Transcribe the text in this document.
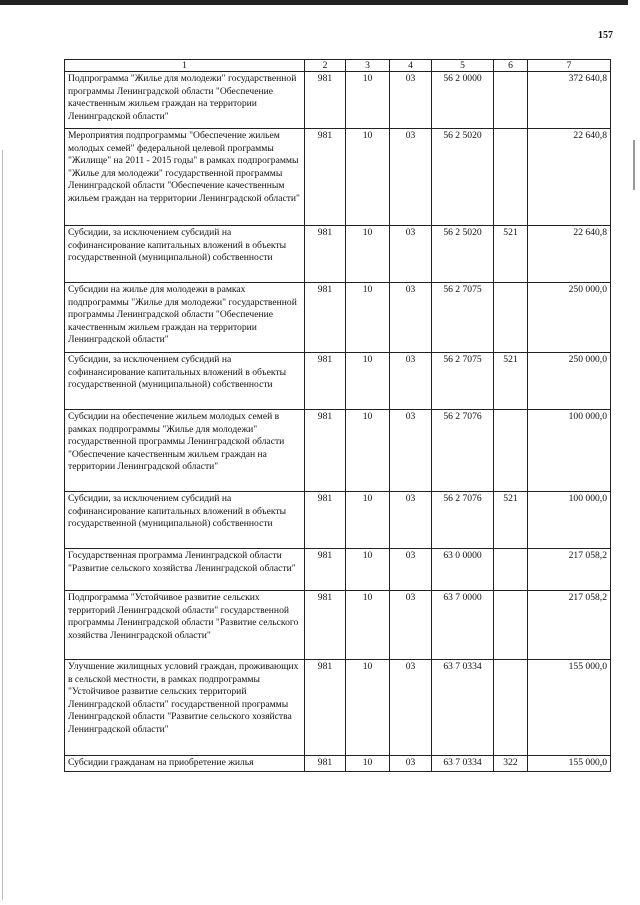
157
1	2	3	4	5	6	7
Подпрограмма "Жилье для молодежи" государственной программы Ленинградской области "Обеспечение качественным жильем граждан на территории Ленинградской области"	981	10	03	56 2 0000		372 640,8
Мероприятия подпрограммы "Обеспечение жильем молодых семей" федеральной целевой программы "Жилище" на 2011 - 2015 годы" в рамках подпрограммы "Жилье для молодежи" государственной программы Ленинградской области "Обеспечение качественным жильем граждан на территории Ленинградской области"	981	10	03	56 2 5020		22 640,8
Субсидии, за исключением субсидий на софинансирование капитальных вложений в объекты государственной (муниципальной) собственности	981	10	03	56 2 5020	521	22 640,8
Субсидии на жилье для молодежи в рамках подпрограммы "Жилье для молодежи" государственной программы Ленинградской области "Обеспечение качественным жильем граждан на территории Ленинградской области"	981	10	03	56 2 7075		250 000,0
Субсидии, за исключением субсидий на софинансирование капитальных вложений в объекты государственной (муниципальной) собственности	981	10	03	56 2 7075	521	250 000,0
Субсидии на обеспечение жильем молодых семей в рамках подпрограммы "Жилье для молодежи" государственной программы Ленинградской области "Обеспечение качественным жильем граждан на территории Ленинградской области"	981	10	03	56 2 7076		100 000,0
Субсидии, за исключением субсидий на софинансирование капитальных вложений в объекты государственной (муниципальной) собственности	981	10	03	56 2 7076	521	100 000,0
Государственная программа Ленинградской области "Развитие сельского хозяйства Ленинградской области"	981	10	03	63 0 0000		217 058,2
Подпрограмма "Устойчивое развитие сельских территорий Ленинградской области" государственной программы Ленинградской области "Развитие сельского хозяйства Ленинградской области"	981	10	03	63 7 0000		217 058,2
Улучшение жилищных условий граждан, проживающих в сельской местности, в рамках подпрограммы "Устойчивое развитие сельских территорий Ленинградской области" государственной программы Ленинградской области "Развитие сельского хозяйства Ленинградской области"	981	10	03	63 7 0334		155 000,0
Субсидии гражданам на приобретение жилья	981	10	03	63 7 0334	322	155 000,0
